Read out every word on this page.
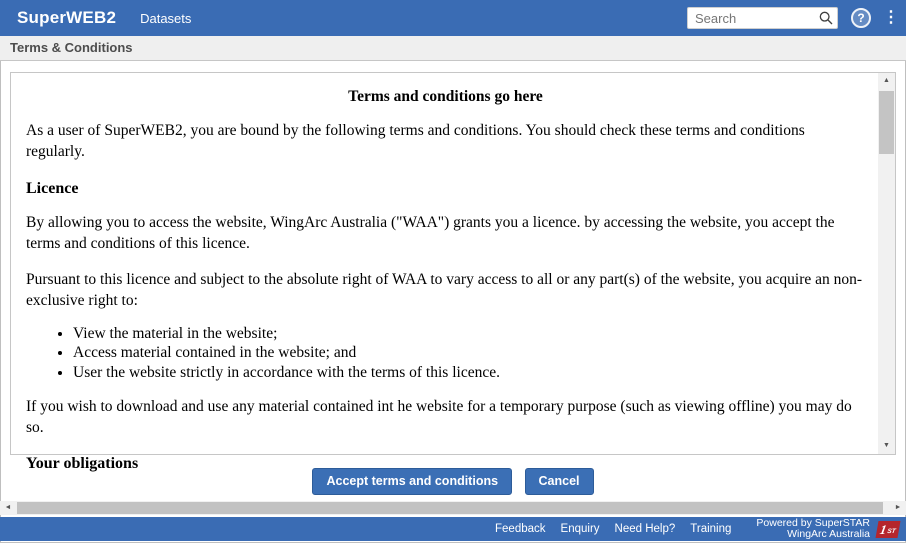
SuperWEB2 Datasets
Search	?	⋮
Terms & Conditions
Terms and conditions go here

As a user of SuperWEB2, you are bound by the following terms and conditions. You should check these terms and conditions regularly.

Licence

By allowing you to access the website, WingArc Australia ("WAA") grants you a licence. by accessing the website, you accept the terms and conditions of this licence.

Pursuant to this licence and subject to the absolute right of WAA to vary access to all or any part(s) of the website, you acquire an non-exclusive right to:

• View the material in the website;
• Access material contained in the website; and
• User the website strictly in accordance with the terms of this licence.

If you wish to download and use any material contained int he website for a temporary purpose (such as viewing offline) you may do so.

Your obligations
▲
▼
Accept terms and conditions	Cancel
◄	►
Feedback Enquiry Need Help? Training Powered by SuperSTAR
WingArc Australia 1
ST
